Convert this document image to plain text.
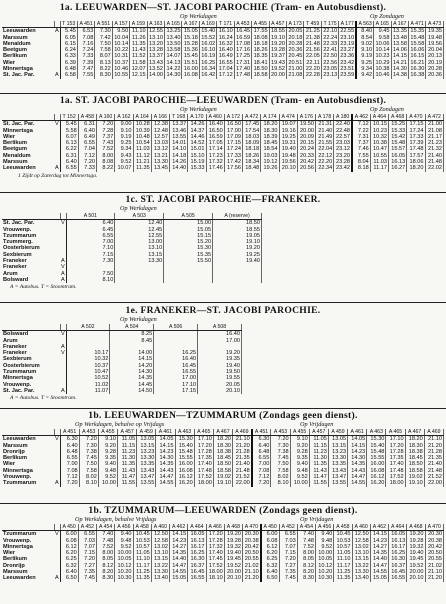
1a. LEEUWARDEN—ST. JACOBI PAROCHIE (Tram- en Autobusdienst).
Op Werkdagen	Op Zondagen
		T 153	A 451	A 551	A 157	A 159	A 163	A 165	A 167	A 169	T 171	A 453	A 455	A 457	A 173	T 459	T 175	A 177	A 563	A 165	A 167	A 471	A 473
Leeuwarden	A	5.45	6.53	7.30	9.50	11.10	12.55	13.25	15.05	15.40	16.10	16.45	17.55	18.55	20.05	21.25	22.10	22.55	8.40	9.45	13.35	15.35	19.35
Marssum		6.05	7.08	7.42	10.04	11.26	13.10	13.40	15.18	15.52	16.24	16.59	18.08	19.10	20.18	21.38	22.24	23.10	8.54	9.58	13.48	15.48	19.48
Menaldum		6.15	7.16	7.50	10.14	11.35	13.20	13.50	15.28	16.02	16.32	17.08	18.18	19.20	20.28	21.48	22.33	23.19	9.02	10.06	13.58	15.58	19.56
Beetgum		6.24	7.24	7.58	10.22	11.43	13.28	13.58	15.36	16.10	16.40	17.16	18.26	19.28	20.36	21.56	22.41	23.27	9.10	10.14	14.06	16.06	20.04
Berlikum		6.33	7.33	8.07	10.31	11.52	13.37	14.07	15.45	16.19	16.49	17.25	18.35	19.37	20.45	22.05	22.50	23.36	9.19	10.23	14.15	16.15	20.13
Wier		6.39	7.39	8.13	10.37	11.58	13.43	14.13	15.51	16.25	16.55	17.31	18.41	19.43	20.51	22.11	22.56	23.42	9.25	10.29	14.21	16.21	20.19
Minnertsga		6.48	7.47	8.22	10.46	12.07	13.52	14.22	16.00	16.34	17.04	17.40	18.50	19.52	21.00	22.20	23.05	23.51	9.34	10.38	14.30	16.30	20.28
St. Jac. Par.	A	6.58	7.55	8.30	10.55	12.15	14.00	14.30	16.08	16.42	17.12	17.48	18.58	20.00	21.08	22.28	23.13	23.59	9.42	10.46	14.38	16.38	20.36
1a. ST. JACOBI PAROCHIE—LEEUWARDEN (Tram- en Autobusdienst).
Op Werkdagen	Op Zondagen
		T 152	A 458	A 160	A 162	A 164	A 166	T 168	A 170	A 460	A 172	A 472	A 174	A 474	A 176	A 178	A 180	A 462	A 464	A 468	A 470	A 472
St. Jac. Par.	V	5.45	6.31	7.20	9.00	10.28	12.38	13.37	14.26	16.40	16.50	17.45	18.20	19.07	19.50	21.31	22.40	7.12	10.15	15.25	17.15	21.00
Minnertsga		5.58	6.40	7.28	9.10	10.39	12.48	13.46	14.37	16.50	17.00	17.54	18.30	19.16	20.00	21.40	22.48	7.22	10.23	15.33	17.24	21.08
Wier		6.07	6.49	7.37	9.19	10.48	12.57	13.55	14.46	16.59	17.09	18.03	18.39	19.25	20.09	21.49	22.57	7.31	10.32	15.42	17.33	21.17
Berlikum		6.13	6.55	7.43	9.25	10.54	13.03	14.01	14.52	17.05	17.15	18.09	18.45	19.31	20.15	21.55	23.03	7.37	10.38	15.48	17.39	21.23
Beetgum		6.22	7.04	7.52	9.34	11.03	13.12	14.10	15.01	17.14	17.24	18.18	18.54	19.40	20.24	22.04	23.12	7.46	10.47	15.57	17.48	21.32
Menaldum		6.31	7.12	8.00	9.43	11.12	13.21	14.18	15.10	17.23	17.33	18.26	19.03	19.48	20.33	22.12	23.20	7.55	10.55	16.05	17.57	21.40
Marssum		6.40	7.20	8.08	9.52	11.21	13.30	14.26	15.19	17.32	17.42	18.34	19.12	19.56	20.42	22.20	23.28	8.04	11.03	16.13	18.06	21.48
Leeuwarden	A	6.55	7.33	8.22	10.07	11.35	13.45	14.40	15.33	17.46	17.56	18.48	19.26	20.10	20.56	22.34	23.42	8.18	11.17	16.27	18.20	22.02
1 Zijdt op Zaterdag tot Minnertsga.
1c. ST. JACOBI PAROCHIE—FRANEKER.
Op Werkdagen
		A 501	A 503	A 505	A (reserve)
St. Jac. Par.	V	6.40	12.40	15.00	18.50
Vrouwenp.		6.45	12.45	15.05	18.55
Tzummarum		6.55	12.55	15.15	19.05
Tzummerg.		7.00	13.00	15.20	19.10
Oosterbierum		7.10	13.10	15.30	19.20
Sexbierum		7.15	13.15	15.35	19.25
Franeker	A	7.30	13.30	15.50	19.40
Franeker	V				
Arum	A	7.50			
Bolsward	A	8.10			
A = Autobus. T = Stoomtram.
1e. FRANEKER—ST. JACOBI PAROCHIE.
Op Werkdagen
		A 502	A 504	A 506	A 508
Bolsward	V		8.25		16.40
Arum			8.45		17.00
Franeker	A				
Franeker	V	10.17	14.00	16.25	19.20
Sexbierum		10.32	14.15	16.40	19.35
Oosterbierum		10.37	14.20	16.45	19.40
Tzummarum		10.47	14.30	16.55	19.50
Minnertsga		10.52	14.35	17.00	19.55
Vrouwenp.		11.02	14.45	17.10	20.05
St. Jac. Par.	A	11.07	14.50	17.15	20.10
A = Autobus. T = Stoomtram.
1b. LEEUWARDEN—TZUMMARUM (Zondags geen dienst).
Op Werkdagen, behalve op Vrijdags	Op Vrijdagen
		A 451	A 453	A 455	A 457	A 459	A 461	A 463	A 465	A 467	A 469	A 451	A 453	A 455	A 457	A 459	A 461	A 463	A 465	A 467	A 469
Leeuwarden	V	6.30	7.20	9.10	11.05	13.05	14.05	15.30	17.10	18.20	21.10	6.30	7.20	9.10	11.05	13.05	14.05	15.30	17.10	18.20	21.10
Marssum		6.40	7.30	9.20	11.15	13.15	14.15	15.40	17.20	18.30	21.20	6.40	7.30	9.20	11.15	13.15	14.15	15.40	17.20	18.30	21.20
Dronrijp		6.48	7.38	9.28	11.23	13.23	14.23	15.48	17.28	18.38	21.28	6.48	7.38	9.28	11.23	13.23	14.23	15.48	17.28	18.38	21.28
Berlikum		6.55	7.45	9.35	11.30	13.30	14.30	15.55	17.35	18.45	21.35	6.55	7.45	9.35	11.30	13.30	14.30	15.55	17.35	18.45	21.35
Wier		7.00	7.50	9.40	11.35	13.35	14.35	16.00	17.40	18.50	21.40	7.00	7.50	9.40	11.35	13.35	14.35	16.00	17.40	18.50	21.40
Minnertsga		7.08	7.58	9.48	11.43	13.43	14.43	16.08	17.48	18.58	21.48	7.08	7.58	9.48	11.43	13.43	14.43	16.08	17.48	18.58	21.48
Vrouwenp.		7.12	8.02	9.52	11.47	13.47	14.47	16.12	17.52	19.02	21.52	7.12	8.02	9.52	11.47	13.47	14.47	16.12	17.52	19.02	21.52
Tzummarum	A	7.20	8.10	10.00	11.55	13.55	14.55	16.20	18.00	19.10	22.00	7.20	8.10	10.00	11.55	13.55	14.55	16.20	18.00	19.10	22.00
1b. TZUMMARUM—LEEUWARDEN (Zondags geen dienst).
Op Werkdagen, behalve Vrijdags	Op Vrijdagen
		A 450	A 452	A 454	A 456	A 458	A 460	A 462	A 464	A 466	A 468	A 470	A 450	A 452	A 454	A 456	A 458	A 460	A 462	A 464	A 468	A 470
Tzummarum	V	6.00	6.55	7.40	9.40	10.45	12.50	14.15	16.05	17.20	19.20	20.30	6.00	6.55	7.40	9.40	10.45	12.50	14.15	16.05	19.20	20.30
Vrouwenp.		6.08	7.03	7.48	9.48	10.53	12.58	14.23	16.13	17.28	19.28	20.38	6.08	7.03	7.48	9.48	10.53	12.58	14.23	16.13	19.28	20.38
Minnertsga		6.12	7.07	7.52	9.52	10.57	13.02	14.27	16.17	17.32	19.32	20.42	6.12	7.07	7.52	9.52	10.57	13.02	14.27	16.17	19.32	20.42
Wier		6.20	7.15	8.00	10.00	11.05	13.10	14.35	16.25	17.40	19.40	20.50	6.20	7.15	8.00	10.00	11.05	13.10	14.35	16.25	19.40	20.50
Berlikum		6.25	7.20	8.05	10.05	11.10	13.15	14.40	16.30	17.45	19.45	20.55	6.25	7.20	8.05	10.05	11.10	13.15	14.40	16.30	19.45	20.55
Dronrijp		6.32	7.27	8.12	10.12	11.17	13.22	14.47	16.37	17.52	19.52	21.02	6.32	7.27	8.12	10.12	11.17	13.22	14.47	16.37	19.52	21.02
Marssum		6.40	7.35	8.20	10.20	11.25	13.30	14.55	16.45	18.00	20.00	21.10	6.40	7.35	8.20	10.20	11.25	13.30	14.55	16.45	20.00	21.10
Leeuwarden	A	6.50	7.45	8.30	10.30	11.35	13.40	15.05	16.55	18.10	20.10	21.20	6.50	7.45	8.30	10.30	11.35	13.40	15.05	16.55	20.10	21.20
